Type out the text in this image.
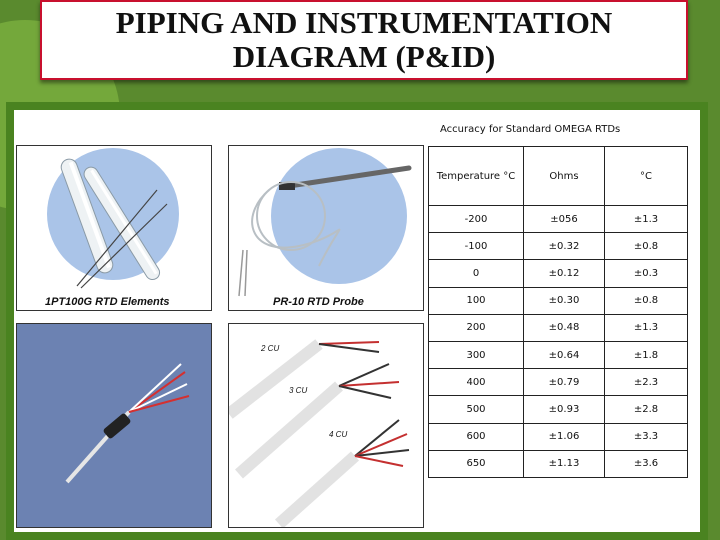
PIPING AND INSTRUMENTATION
DIAGRAM (P&ID)
1PT100G RTD Elements	PR-10 RTD Probe
2 CU
3 CU
4 CU
Accuracy for Standard OMEGA RTDs
Temperature °C	Ohms	°C
-200	±056	±1.3
-100	±0.32	±0.8
0	±0.12	±0.3
100	±0.30	±0.8
200	±0.48	±1.3
300	±0.64	±1.8
400	±0.79	±2.3
500	±0.93	±2.8
600	±1.06	±3.3
650	±1.13	±3.6
